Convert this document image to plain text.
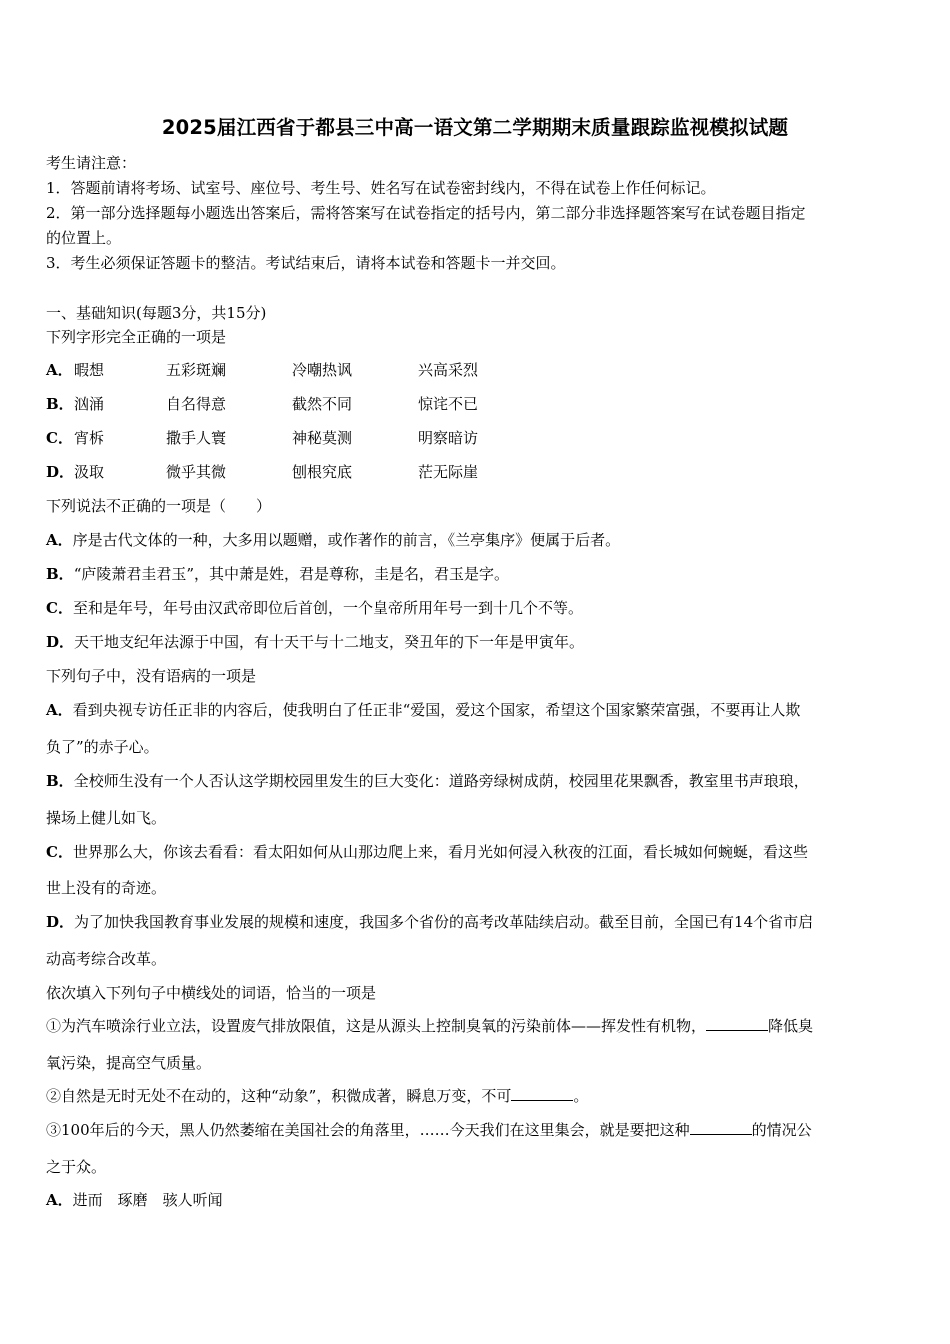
2025届江西省于都县三中高一语文第二学期期末质量跟踪监视模拟试题
考生请注意：
1．答题前请将考场、试室号、座位号、考生号、姓名写在试卷密封线内，不得在试卷上作任何标记。
2．第一部分选择题每小题选出答案后，需将答案写在试卷指定的括号内，第二部分非选择题答案写在试卷题目指定
的位置上。
3．考生必须保证答题卡的整洁。考试结束后，请将本试卷和答题卡一并交回。
一、基础知识(每题3分，共15分)
下列字形完全正确的一项是
A． 暇想	五彩斑斓	冷嘲热讽	兴高采烈
B． 汹涌	自名得意	截然不同	惊诧不已
C． 宵柝	撒手人寰	神秘莫测	明察暗访
D． 汲取	微乎其微	刨根究底	茫无际崖
下列说法不正确的一项是（　　）
A．序是古代文体的一种，大多用以题赠，或作著作的前言，《兰亭集序》便属于后者。
B．“庐陵萧君圭君玉”，其中萧是姓，君是尊称，圭是名，君玉是字。
C．至和是年号，年号由汉武帝即位后首创，一个皇帝所用年号一到十几个不等。
D．天干地支纪年法源于中国，有十天干与十二地支，癸丑年的下一年是甲寅年。
下列句子中，没有语病的一项是
A．看到央视专访任正非的内容后，使我明白了任正非“爱国，爱这个国家，希望这个国家繁荣富强，不要再让人欺
负了”的赤子心。
B．全校师生没有一个人否认这学期校园里发生的巨大变化：道路旁绿树成荫，校园里花果飘香，教室里书声琅琅，
操场上健儿如飞。
C．世界那么大，你该去看看：看太阳如何从山那边爬上来，看月光如何浸入秋夜的江面，看长城如何蜿蜒，看这些
世上没有的奇迹。
D．为了加快我国教育事业发展的规模和速度，我国多个省份的高考改革陆续启动。截至目前，全国已有14个省市启
动高考综合改革。
依次填入下列句子中横线处的词语，恰当的一项是
①为汽车喷涂行业立法，设置废气排放限值，这是从源头上控制臭氧的污染前体——挥发性有机物，	降低臭
氧污染，提高空气质量。
②自然是无时无处不在动的，这种“动象”，积微成著，瞬息万变，不可	。
③100年后的今天，黑人仍然萎缩在美国社会的角落里，……今天我们在这里集会，就是要把这种	的情况公
之于众。
A．进而　琢磨　骇人听闻
